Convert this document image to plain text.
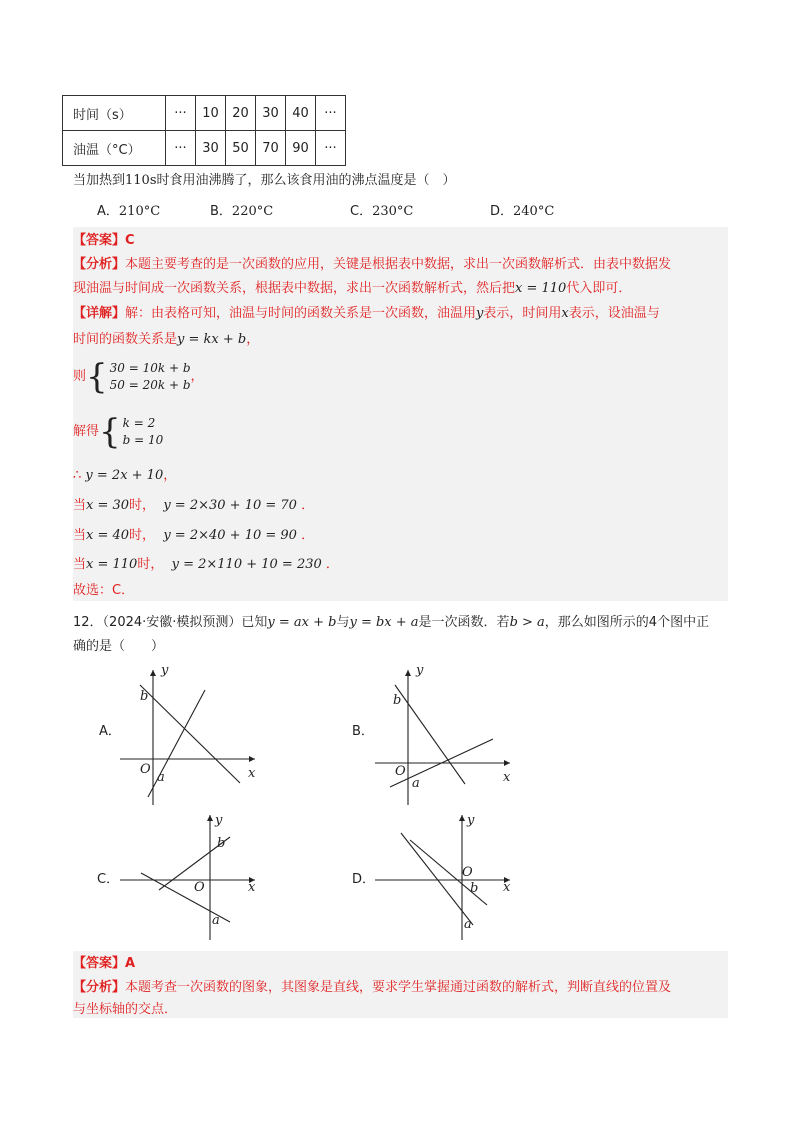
时间（s）	···	10	20	30	40	···
油温（°C）	···	30	50	70	90	···
当加热到110s时食用油沸腾了，那么该食用油的沸点温度是（　）
A．210°C	B．220°C	C．230°C	D．240°C
【答案】C
【分析】本题主要考查的是一次函数的应用，关键是根据表中数据，求出一次函数解析式．由表中数据发
现油温与时间成一次函数关系，根据表中数据，求出一次函数解析式，然后把x = 110代入即可．
【详解】解：由表格可知，油温与时间的函数关系是一次函数，油温用y表示，时间用x表示，设油温与
时间的函数关系是y = kx + b，
则{ 30 = 10k + b
50 = 20k + b
，
解得{ k = 2
b = 10
∴ y = 2x + 10，
当x = 30时， y = 2×30 + 10 = 70 ．
当x = 40时， y = 2×40 + 10 = 90 ．
当x = 110时， y = 2×110 + 10 = 230 ．
故选：C．
12．（2024·安徽·模拟预测）已知y = ax + b与y = bx + a是一次函数．若b > a，那么如图所示的4个图中正
确的是（　　）
A．	B．
C．	D．
x
y
O
b
a	x
y
O
b
a
x
y
O
b
a
x
y
O
b
a
【答案】A
【分析】本题考查一次函数的图象，其图象是直线，要求学生掌握通过函数的解析式，判断直线的位置及
与坐标轴的交点．
